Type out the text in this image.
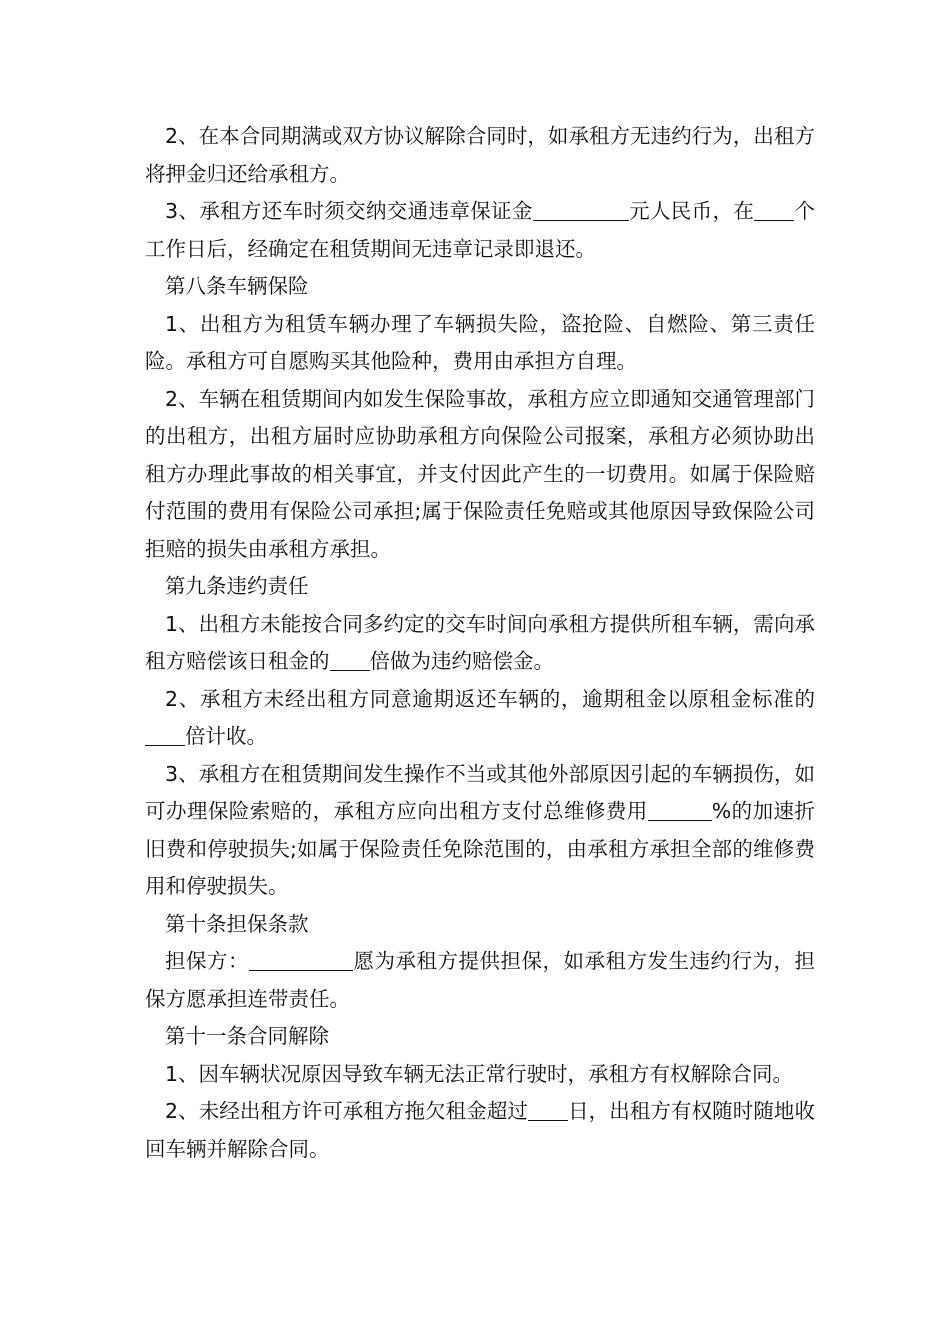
2、在本合同期满或双方协议解除合同时，如承租方无违约行为，出租方将押金归还给承租方。

3、承租方还车时须交纳交通违章保证金	元人民币，在 个工作日后，经确定在租赁期间无违章记录即退还。

第八条车辆保险

1、出租方为租赁车辆办理了车辆损失险，盗抢险、自燃险、第三责任险。承租方可自愿购买其他险种，费用由承担方自理。

2、车辆在租赁期间内如发生保险事故，承租方应立即通知交通管理部门的出租方，出租方届时应协助承租方向保险公司报案，承租方必须协助出租方办理此事故的相关事宜，并支付因此产生的一切费用。如属于保险赔付范围的费用有保险公司承担;属于保险责任免赔或其他原因导致保险公司拒赔的损失由承租方承担。

第九条违约责任

1、出租方未能按合同多约定的交车时间向承租方提供所租车辆，需向承租方赔偿该日租金的 倍做为违约赔偿金。

2、承租方未经出租方同意逾期返还车辆的，逾期租金以原租金标准的倍计收。

3、承租方在租赁期间发生操作不当或其他外部原因引起的车辆损伤，如可办理保险索赔的，承租方应向出租方支付总维修费用	%的加速折旧费和停驶损失;如属于保险责任免除范围的，由承租方承担全部的维修费用和停驶损失。

第十条担保条款

担保方：	愿为承租方提供担保，如承租方发生违约行为，担保方愿承担连带责任。

第十一条合同解除

1、因车辆状况原因导致车辆无法正常行驶时，承租方有权解除合同。

2、未经出租方许可承租方拖欠租金超过 日，出租方有权随时随地收回车辆并解除合同。
